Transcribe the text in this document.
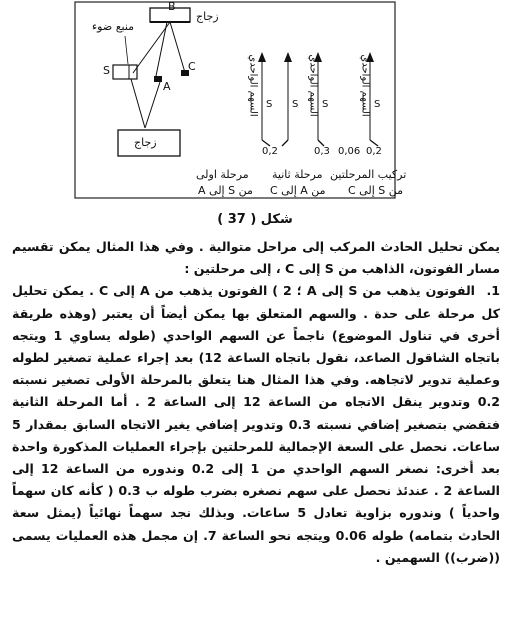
B
زجاج
منبع ضوء
S
A
C
زجاج
السهم الواحدي
السهم الواحدي
السهم الواحدي	S
S
S
S
0,2	0,3 0,06 0,2
مرحلة اولى
من S إلى A
مرحلة ثانية
من A إلى C
تركيب المرحلتين
من S إلى C
شكل ( 37 )

يمكن تحليل الحادث المركب إلى مراحل متوالية . وفي هذا المثال يمكن تقسيم مسار الفوتون، الذاهب من S إلى C ، إلى مرحلتين :

1. الفوتون يذهب من S إلى A ؛ 2 ) الفوتون يذهب من A إلى C . يمكن تحليل كل مرحلة على حدة . والسهم المتعلق بها يمكن أيضاً أن يعتبر (وهذه طريقة أخرى في تناول الموضوع) ناجماً عن السهم الواحدي (طوله يساوي 1 ويتجه باتجاه الشاقول الصاعد، نقول باتجاه الساعة 12) بعد إجراء عملية تصغير لطوله وعملية تدوير لاتجاهه. وفي هذا المثال هنا يتعلق بالمرحلة الأولى تصغير نسبته 0.2 وتدوير ينقل الاتجاه من الساعة 12 إلى الساعة 2 . أما المرحلة الثانية فتقضي بتصغير إضافي نسبته 0.3 وتدوير إضافي يغير الاتجاه السابق بمقدار 5 ساعات. نحصل على السعة الإجمالية للمرحلتين بإجراء العمليات المذكورة واحدة بعد أخرى: نصغر السهم الواحدي من 1 إلى 0.2 وندوره من الساعة 12 إلى الساعة 2 . عندئذ نحصل على سهم نصغره بضرب طوله ب 0.3 ( كأنه كان سهماً واحدياً ) وندوره بزاوية تعادل 5 ساعات. وبذلك نجد سهماً نهائياً (يمثل سعة الحادث بتمامه) طوله 0.06 ويتجه نحو الساعة 7. إن مجمل هذه العمليات يسمى ((ضرب)) السهمين .
